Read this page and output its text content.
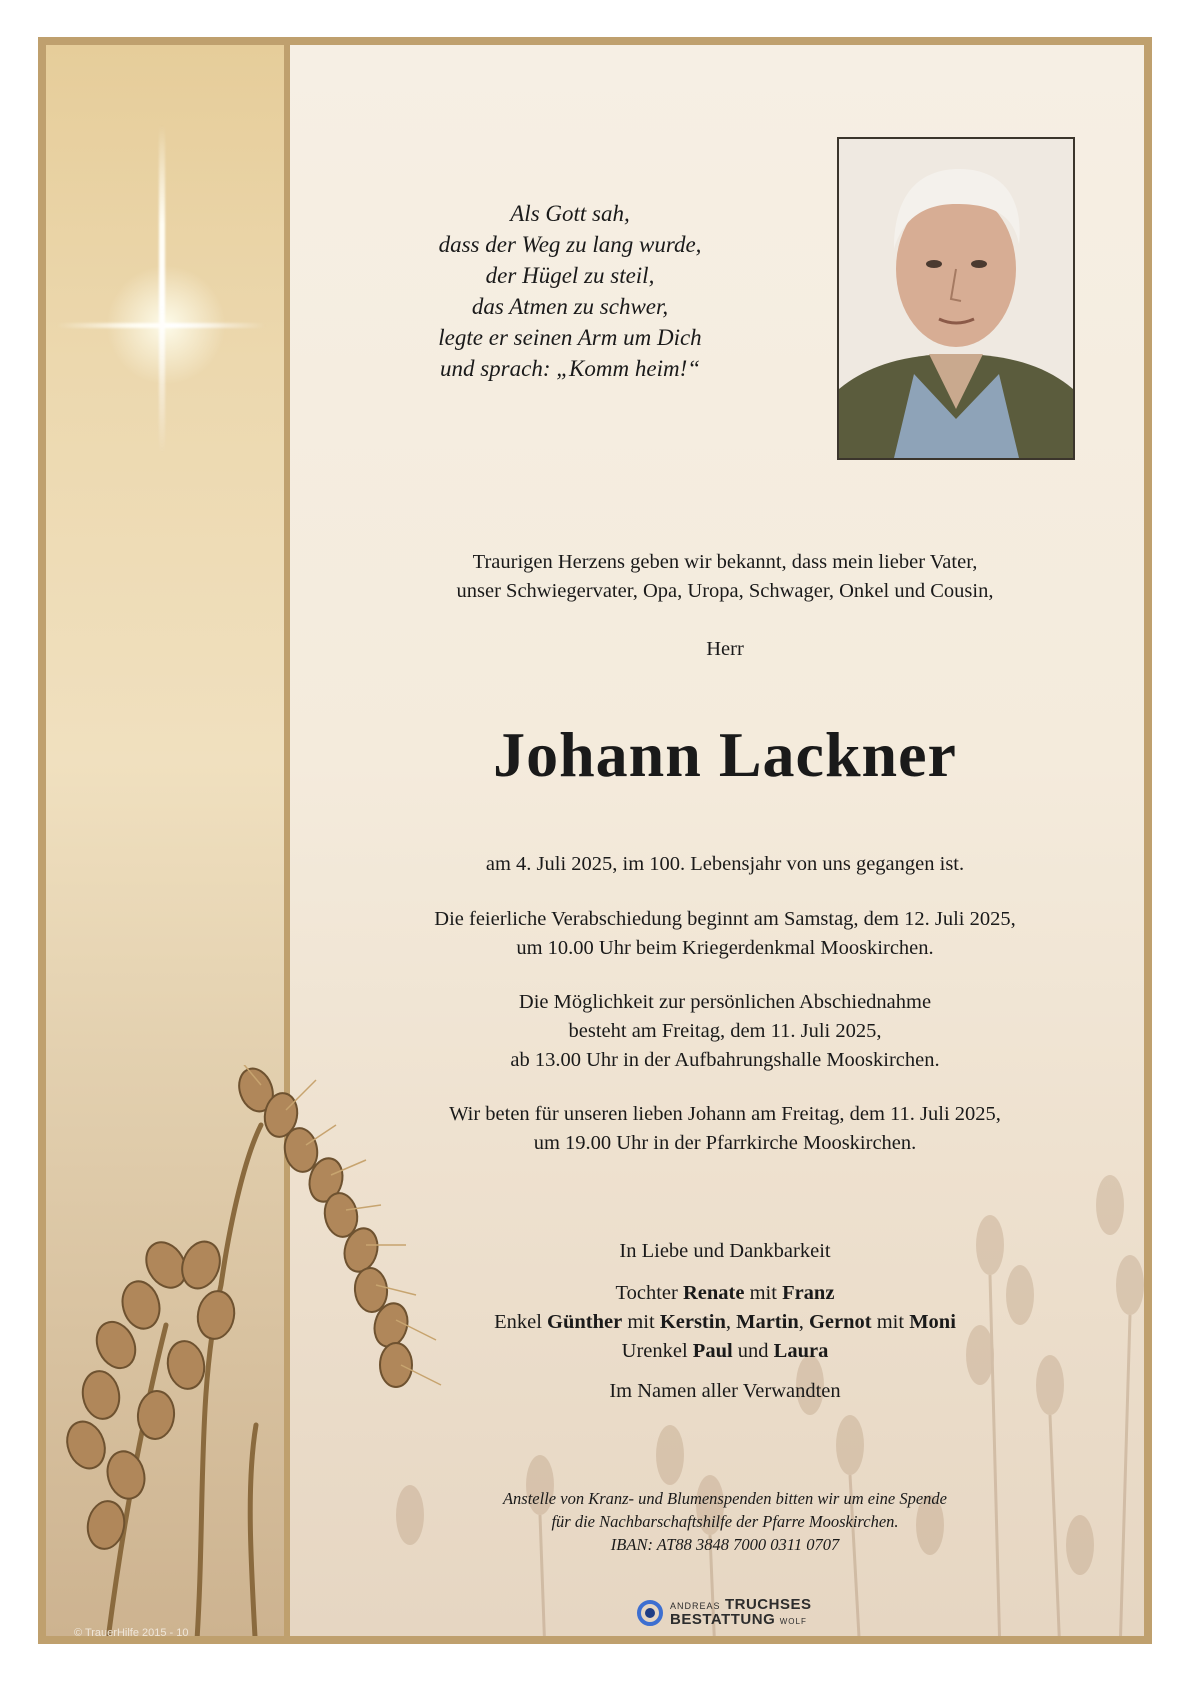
© TrauerHilfe 2015 - 10
Als Gott sah,
dass der Weg zu lang wurde,
der Hügel zu steil,
das Atmen zu schwer,
legte er seinen Arm um Dich
und sprach: „Komm heim!“
Traurigen Herzens geben wir bekannt, dass mein lieber Vater,
unser Schwiegervater, Opa, Uropa, Schwager, Onkel und Cousin,
Herr
Johann Lackner
am 4. Juli 2025, im 100. Lebensjahr von uns gegangen ist.
Die feierliche Verabschiedung beginnt am Samstag, dem 12. Juli 2025,
um 10.00 Uhr beim Kriegerdenkmal Mooskirchen.
Die Möglichkeit zur persönlichen Abschiednahme
besteht am Freitag, dem 11. Juli 2025,
ab 13.00 Uhr in der Aufbahrungshalle Mooskirchen.
Wir beten für unseren lieben Johann am Freitag, dem 11. Juli 2025,
um 19.00 Uhr in der Pfarrkirche Mooskirchen.
In Liebe und Dankbarkeit
Tochter Renate mit Franz
Enkel Günther mit Kerstin, Martin, Gernot mit Moni
Urenkel Paul und Laura
Im Namen aller Verwandten
Anstelle von Kranz- und Blumenspenden bitten wir um eine Spende
für die Nachbarschaftshilfe der Pfarre Mooskirchen.
IBAN: AT88 3848 7000 0311 0707
ANDREAS TRUCHSES
BESTATTUNG WOLF
